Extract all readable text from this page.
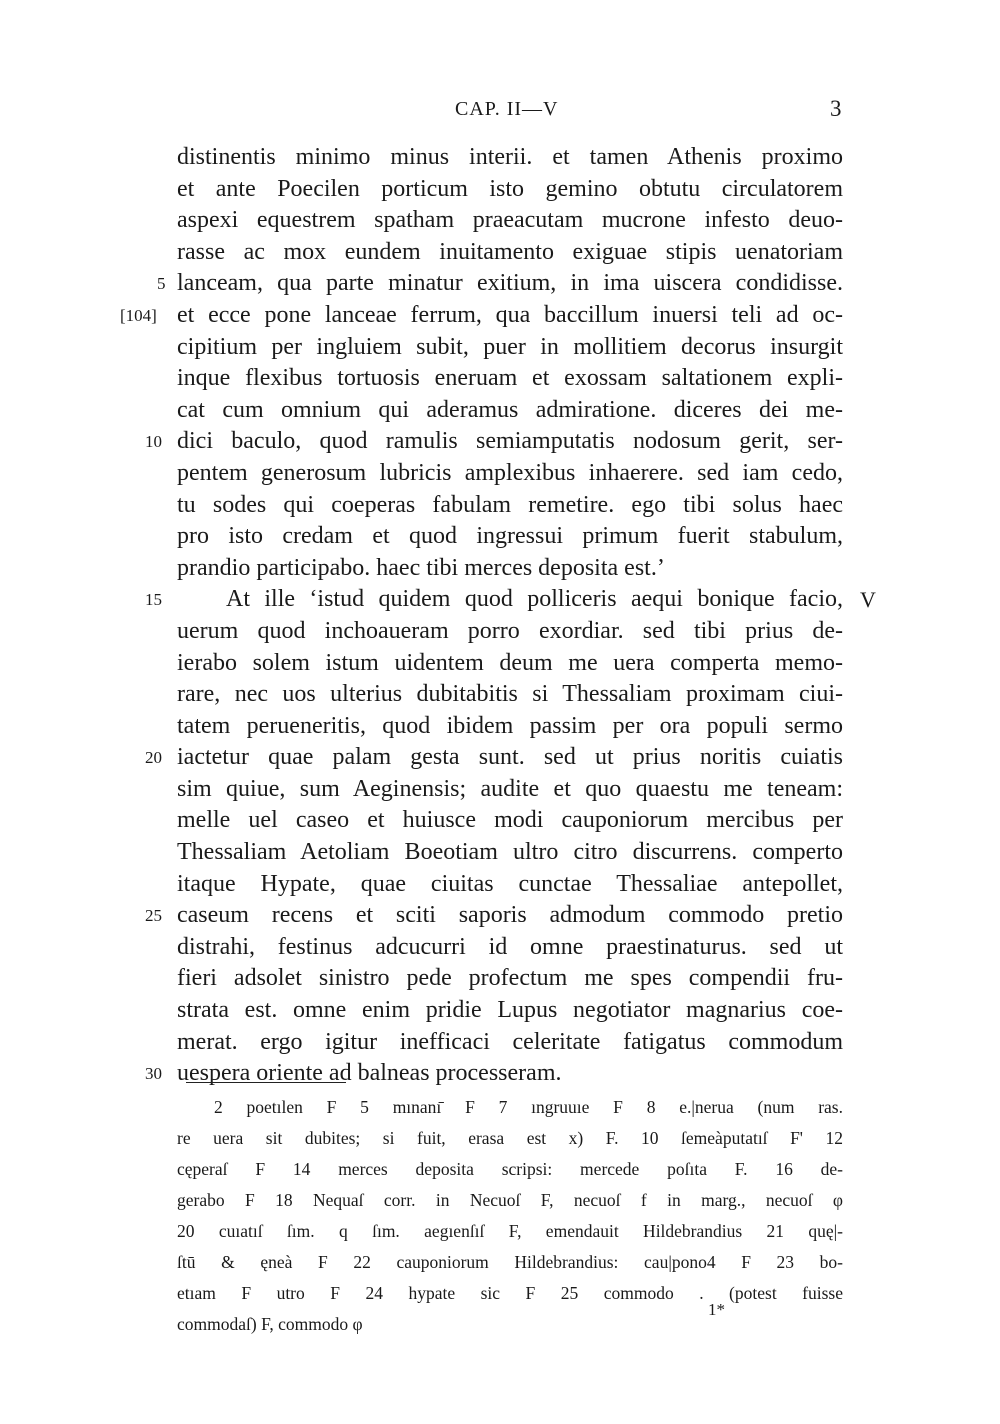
CAP. II—V	3
distinentis minimo minus interii. et tamen Athenis proximo
et ante Poecilen porticum isto gemino obtutu circulatorem
aspexi equestrem spatham praeacutam mucrone infesto deuo-
rasse ac mox eundem inuitamento exiguae stipis uenatoriam
5 lanceam, qua parte minatur exitium, in ima uiscera condidisse.
[104] et ecce pone lanceae ferrum, qua baccillum inuersi teli ad oc-
cipitium per ingluiem subit, puer in mollitiem decorus insurgit
inque flexibus tortuosis eneruam et exossam saltationem expli-
cat cum omnium qui aderamus admiratione. diceres dei me-
10 dici baculo, quod ramulis semiamputatis nodosum gerit, ser-
pentem generosum lubricis amplexibus inhaerere. sed iam cedo,
tu sodes qui coeperas fabulam remetire. ego tibi solus haec
pro isto credam et quod ingressui primum fuerit stabulum,
prandio participabo. haec tibi merces deposita est.’
15	At ille ‘istud quidem quod polliceris aequi bonique facio, V
uerum quod inchoaueram porro exordiar. sed tibi prius de-
ierabo solem istum uidentem deum me uera comperta memo-
rare, nec uos ulterius dubitabitis si Thessaliam proximam ciui-
tatem perueneritis, quod ibidem passim per ora populi sermo
20 iactetur quae palam gesta sunt. sed ut prius noritis cuiatis
sim quiue, sum Aeginensis; audite et quo quaestu me teneam:
melle uel caseo et huiusce modi cauponiorum mercibus per
Thessaliam Aetoliam Boeotiam ultro citro discurrens. comperto
itaque Hypate, quae ciuitas cunctae Thessaliae antepollet,
25 caseum recens et sciti saporis admodum commodo pretio
distrahi, festinus adcucurri id omne praestinaturus. sed ut
fieri adsolet sinistro pede profectum me spes compendii fru-
strata est. omne enim pridie Lupus negotiator magnarius coe-
merat. ergo igitur inefficaci celeritate fatigatus commodum
30 uespera oriente ad balneas processeram.
2 poetılen F 5 mınanı̄ F 7 ıngruuıe F 8 e.|nerua (num ras.
re uera sit dubites; si fuit, erasa est x) F. 10 ſemeàputatıſ F' 12
cęperaſ F 14 merces deposita scripsi: mercede poſıta F. 16 de-
gerabo F 18 Nequaſ corr. in Necuoſ F, necuoſ f in marg., necuoſ φ
20 cuıatıſ ſım. q ſım. aegıenſıſ F, emendauit Hildebrandius 21 quę|-
ſtū & ęneà F 22 cauponiorum Hildebrandius: cau|pono4 F 23 bo-
etıam F utro F 24 hypate sic F 25 commodo . (potest fuisse
commodaſ) F, commodo φ
1*
